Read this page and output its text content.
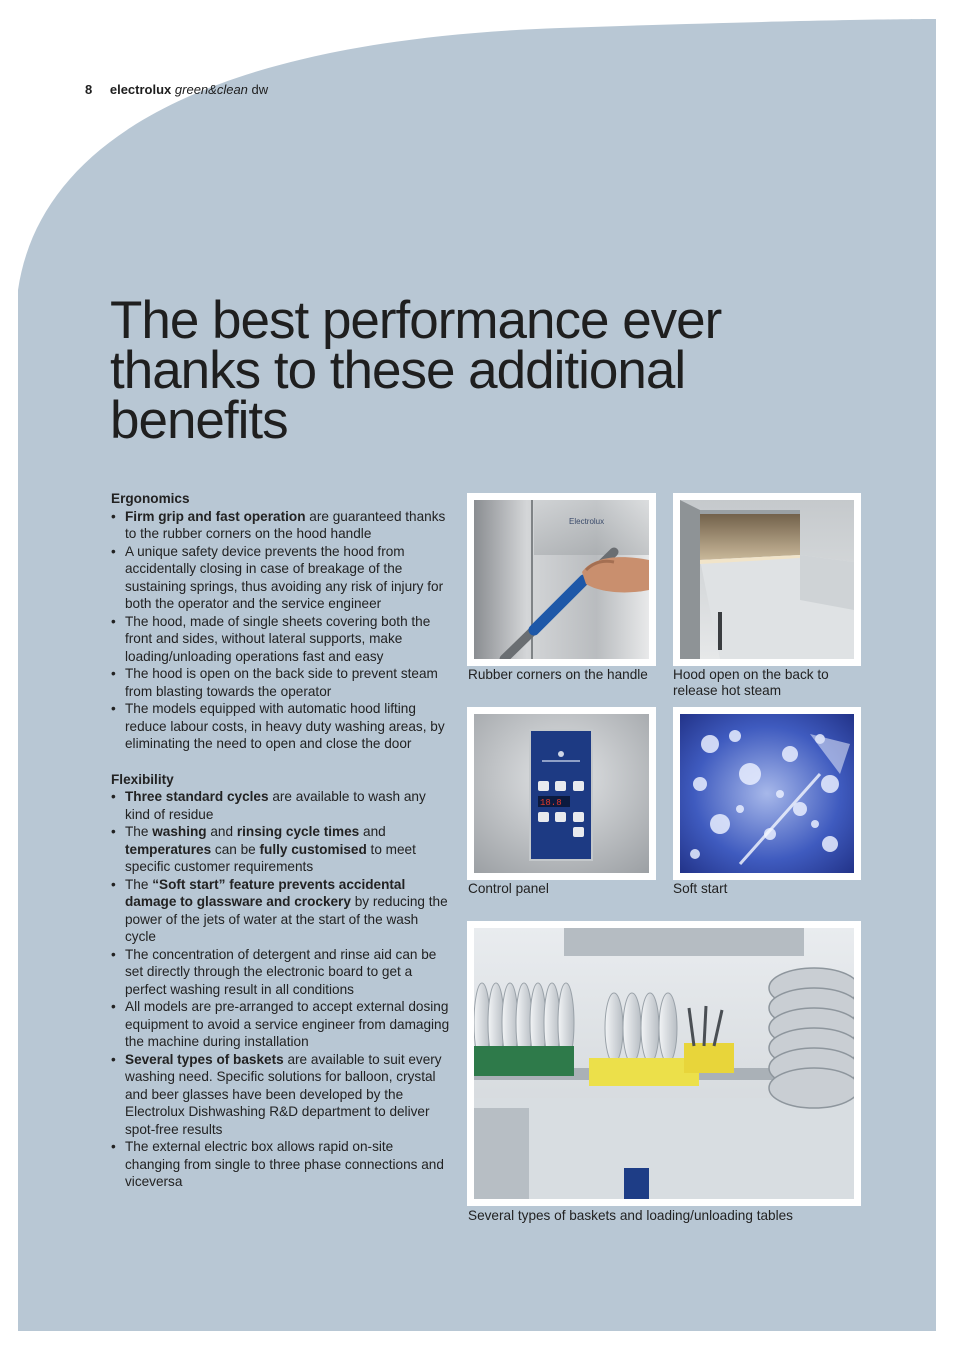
8 electrolux green&clean dw
The best performance ever
thanks to these additional
benefits
Ergonomics
• Firm grip and fast operation are guaranteed thanks to the rubber corners on the hood handle
• A unique safety device prevents the hood from accidentally closing in case of breakage of the sustaining springs, thus avoiding any risk of injury for both the operator and the service engineer
• The hood, made of single sheets covering both the front and sides, without lateral supports, make loading/unloading operations fast and easy
• The hood is open on the back side to prevent steam from blasting towards the operator
• The models equipped with automatic hood lifting reduce labour costs, in heavy duty washing areas, by eliminating the need to open and close the door
Flexibility
• Three standard cycles are available to wash any kind of residue
• The washing and rinsing cycle times and temperatures can be fully customised to meet specific customer requirements
• The “Soft start” feature prevents accidental damage to glassware and crockery by reducing the power of the jets of water at the start of the wash cycle
• The concentration of detergent and rinse aid can be set directly through the electronic board to get a perfect washing result in all conditions
• All models are pre-arranged to accept external dosing equipment to avoid a service engineer from damaging the machine during installation
• Several types of baskets are available to suit every washing need. Specific solutions for balloon, crystal and beer glasses have been developed by the Electrolux Dishwashing R&D department to deliver spot-free results
• The external electric box allows rapid on-site changing from single to three phase connections and viceversa
Electrolux
Rubber corners on the handle Hood open on the back to
release hot steam
18.8
Control panel	Soft start
Several types of baskets and loading/unloading tables
